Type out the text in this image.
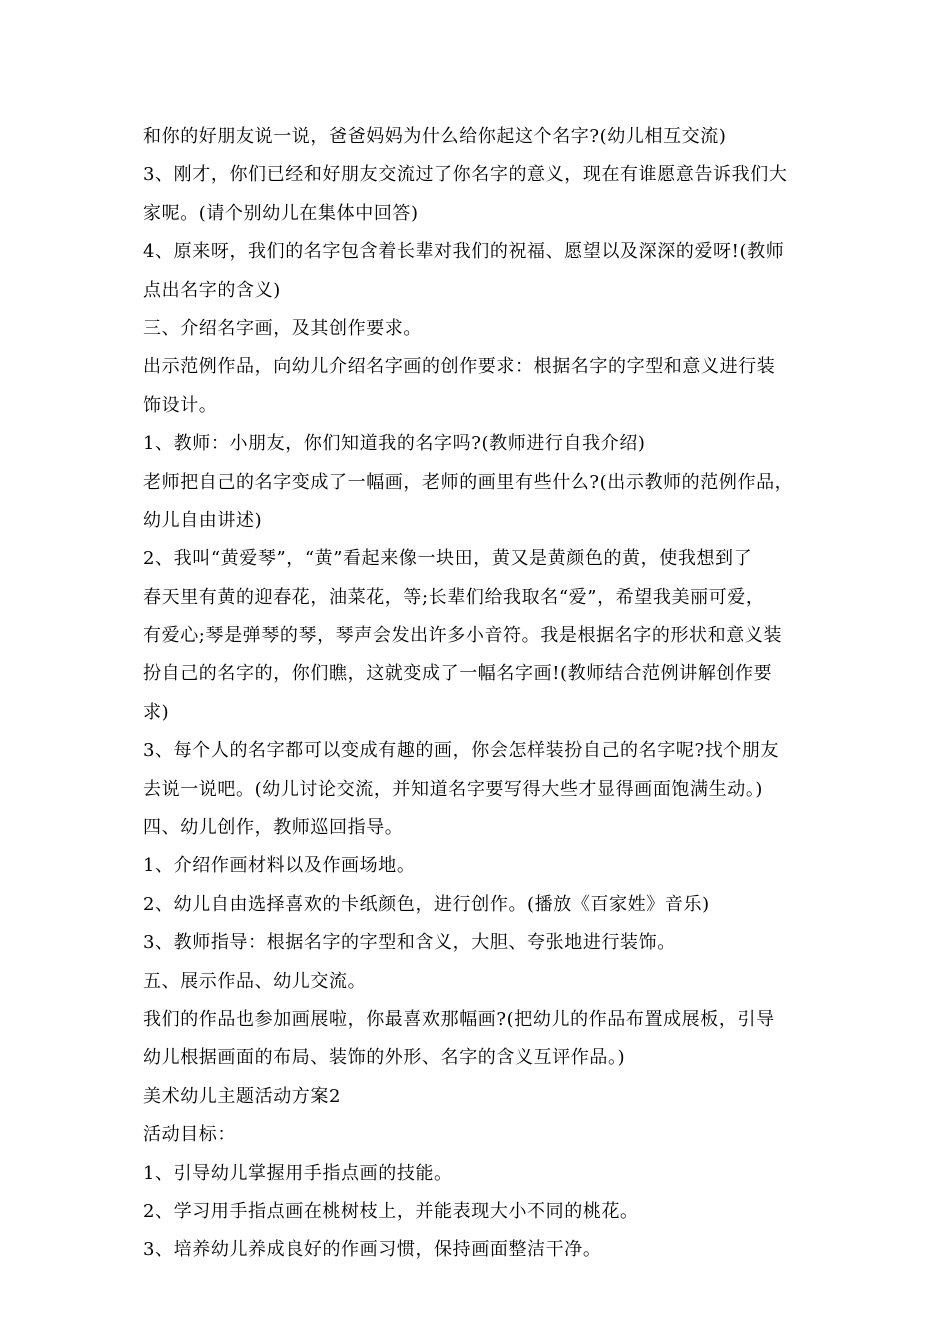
和你的好朋友说一说，爸爸妈妈为什么给你起这个名字?(幼儿相互交流)
3、刚才，你们已经和好朋友交流过了你名字的意义，现在有谁愿意告诉我们大
家呢。(请个别幼儿在集体中回答)
4、原来呀，我们的名字包含着长辈对我们的祝福、愿望以及深深的爱呀!(教师
点出名字的含义)
三、介绍名字画，及其创作要求。
出示范例作品，向幼儿介绍名字画的创作要求：根据名字的字型和意义进行装
饰设计。
1、教师：小朋友，你们知道我的名字吗?(教师进行自我介绍)
老师把自己的名字变成了一幅画，老师的画里有些什么?(出示教师的范例作品，
幼儿自由讲述)
2、我叫“黄爱琴”，“黄”看起来像一块田，黄又是黄颜色的黄，使我想到了
春天里有黄的迎春花，油菜花，等;长辈们给我取名“爱”，希望我美丽可爱，
有爱心;琴是弹琴的琴，琴声会发出许多小音符。我是根据名字的形状和意义装
扮自己的名字的，你们瞧，这就变成了一幅名字画!(教师结合范例讲解创作要
求)
3、每个人的名字都可以变成有趣的画，你会怎样装扮自己的名字呢?找个朋友
去说一说吧。(幼儿讨论交流，并知道名字要写得大些才显得画面饱满生动。)
四、幼儿创作，教师巡回指导。
1、介绍作画材料以及作画场地。
2、幼儿自由选择喜欢的卡纸颜色，进行创作。(播放《百家姓》音乐)
3、教师指导：根据名字的字型和含义，大胆、夸张地进行装饰。
五、展示作品、幼儿交流。
我们的作品也参加画展啦，你最喜欢那幅画?(把幼儿的作品布置成展板，引导
幼儿根据画面的布局、装饰的外形、名字的含义互评作品。)
美术幼儿主题活动方案2
活动目标：
1、引导幼儿掌握用手指点画的技能。
2、学习用手指点画在桃树枝上，并能表现大小不同的桃花。
3、培养幼儿养成良好的作画习惯，保持画面整洁干净。
